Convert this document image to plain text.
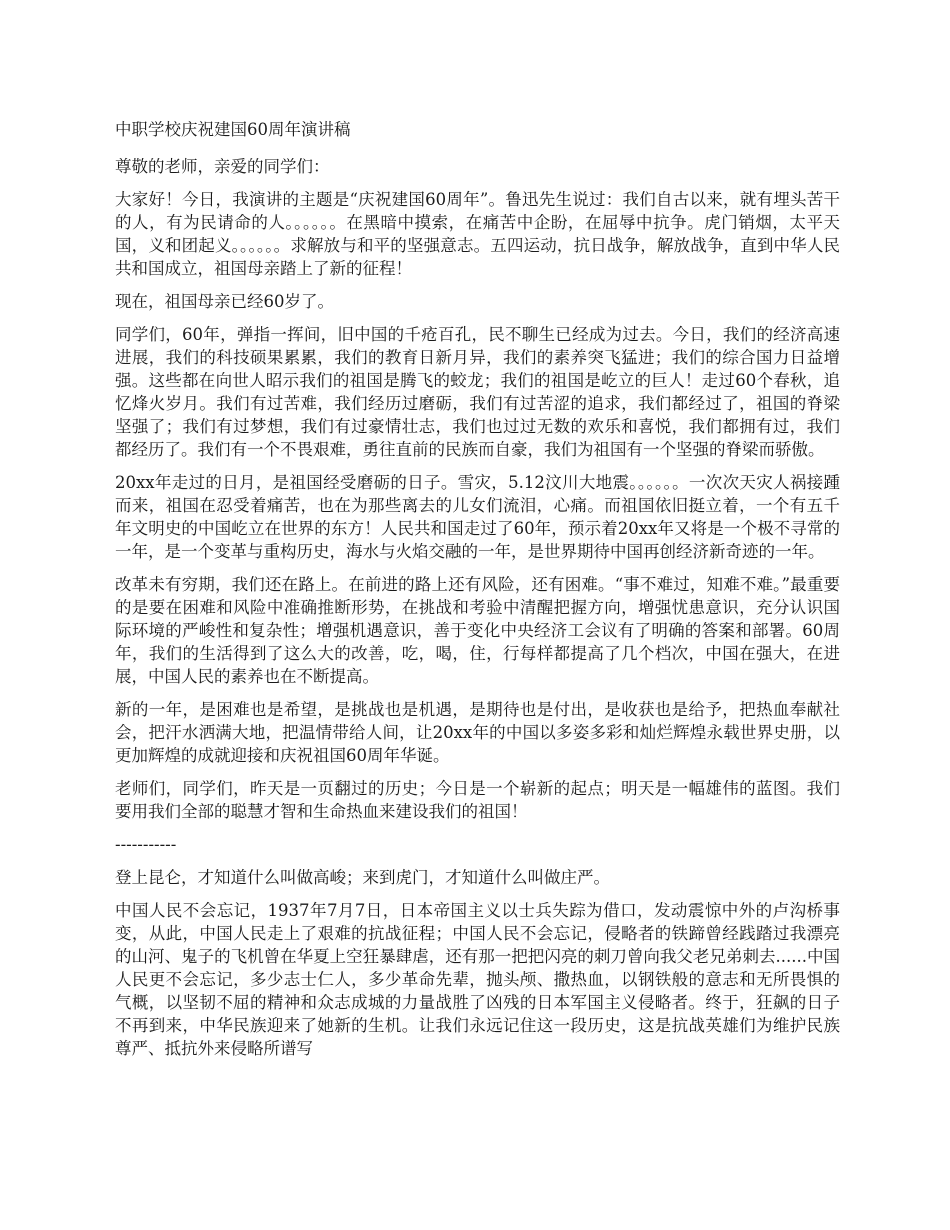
中职学校庆祝建国60周年演讲稿

尊敬的老师，亲爱的同学们：

大家好！今日，我演讲的主题是“庆祝建国60周年”。鲁迅先生说过：我们自古以来，就有埋头苦干的人，有为民请命的人。。。。。。在黑暗中摸索，在痛苦中企盼，在屈辱中抗争。虎门销烟，太平天国，义和团起义。。。。。。求解放与和平的坚强意志。五四运动，抗日战争，解放战争，直到中华人民共和国成立，祖国母亲踏上了新的征程！

现在，祖国母亲已经60岁了。

同学们，60年，弹指一挥间，旧中国的千疮百孔，民不聊生已经成为过去。今日，我们的经济高速进展，我们的科技硕果累累，我们的教育日新月异，我们的素养突飞猛进；我们的综合国力日益增强。这些都在向世人昭示我们的祖国是腾飞的蛟龙；我们的祖国是屹立的巨人！走过60个春秋，追忆烽火岁月。我们有过苦难，我们经历过磨砺，我们有过苦涩的追求，我们都经过了，祖国的脊梁坚强了；我们有过梦想，我们有过豪情壮志，我们也过过无数的欢乐和喜悦，我们都拥有过，我们都经历了。我们有一个不畏艰难，勇往直前的民族而自豪，我们为祖国有一个坚强的脊梁而骄傲。

20xx年走过的日月，是祖国经受磨砺的日子。雪灾，5.12汶川大地震。。。。。。一次次天灾人祸接踵而来，祖国在忍受着痛苦，也在为那些离去的儿女们流泪，心痛。而祖国依旧挺立着，一个有五千年文明史的中国屹立在世界的东方！人民共和国走过了60年，预示着20xx年又将是一个极不寻常的一年，是一个变革与重构历史，海水与火焰交融的一年，是世界期待中国再创经济新奇迹的一年。

改革未有穷期，我们还在路上。在前进的路上还有风险，还有困难。“事不难过，知难不难。”最重要的是要在困难和风险中准确推断形势，在挑战和考验中清醒把握方向，增强忧患意识，充分认识国际环境的严峻性和复杂性；增强机遇意识，善于变化中央经济工会议有了明确的答案和部署。60周年，我们的生活得到了这么大的改善，吃，喝，住，行每样都提高了几个档次，中国在强大，在进展，中国人民的素养也在不断提高。

新的一年，是困难也是希望，是挑战也是机遇，是期待也是付出，是收获也是给予，把热血奉献社会，把汗水洒满大地，把温情带给人间，让20xx年的中国以多姿多彩和灿烂辉煌永载世界史册，以更加辉煌的成就迎接和庆祝祖国60周年华诞。

老师们，同学们，昨天是一页翻过的历史；今日是一个崭新的起点；明天是一幅雄伟的蓝图。我们要用我们全部的聪慧才智和生命热血来建设我们的祖国！

-----------

登上昆仑，才知道什么叫做高峻；来到虎门，才知道什么叫做庄严。

中国人民不会忘记，1937年7月7日，日本帝国主义以士兵失踪为借口，发动震惊中外的卢沟桥事变，从此，中国人民走上了艰难的抗战征程；中国人民不会忘记，侵略者的铁蹄曾经践踏过我漂亮的山河、鬼子的飞机曾在华夏上空狂暴肆虐，还有那一把把闪亮的刺刀曾向我父老兄弟刺去......中国人民更不会忘记，多少志士仁人，多少革命先辈，抛头颅、撒热血，以钢铁般的意志和无所畏惧的气概，以坚韧不屈的精神和众志成城的力量战胜了凶残的日本军国主义侵略者。终于，狂飙的日子不再到来，中华民族迎来了她新的生机。让我们永远记住这一段历史，这是抗战英雄们为维护民族尊严、抵抗外来侵略所谱写
